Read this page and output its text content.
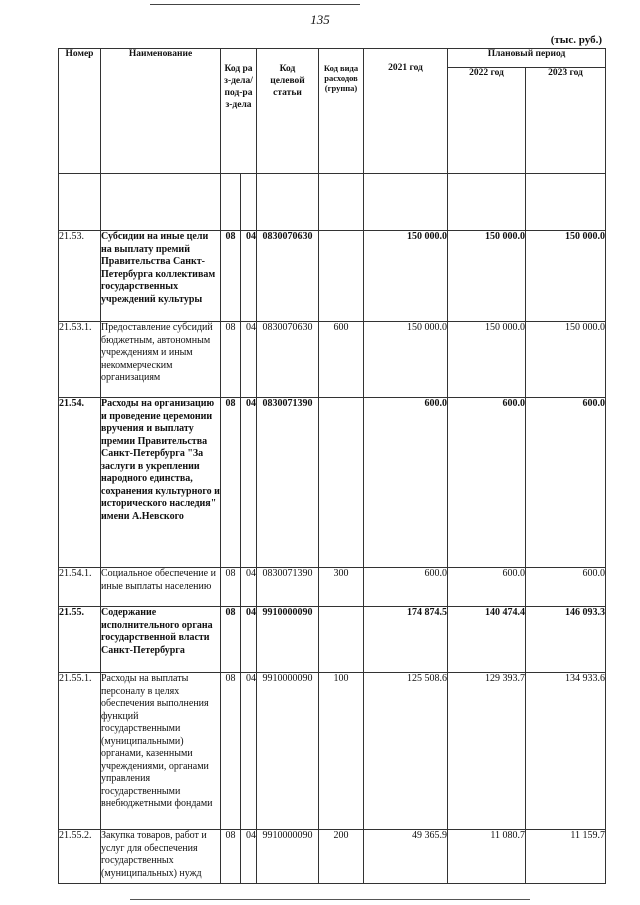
135
(тыс. руб.)
Номер	Наименование	Код раз-дела/ под-раз-дела		Код целевой статьи	Код вида расходов (группа)	2021 год	Плановый период	
							2022 год	2023 год

21.53.	Субсидии на иные цели на выплату премий Правительства Санкт-Петербурга коллективам государственных учреждений культуры	08	04	0830070630		150 000.0	150 000.0	150 000.0
21.53.1.	Предоставление субсидий бюджетным, автономным учреждениям и иным некоммерческим организациям	08	04	0830070630	600	150 000.0	150 000.0	150 000.0
21.54.	Расходы на организацию и проведение церемонии вручения и выплату премии Правительства Санкт-Петербурга "За заслуги в укреплении народного единства, сохранения культурного и исторического наследия" имени А.Невского	08	04	0830071390		600.0	600.0	600.0
21.54.1.	Социальное обеспечение и иные выплаты населению	08	04	0830071390	300	600.0	600.0	600.0
21.55.	Содержание исполнительного органа государственной власти Санкт-Петербурга	08	04	9910000090		174 874.5	140 474.4	146 093.3
21.55.1.	Расходы на выплаты персоналу в целях обеспечения выполнения функций государственными (муниципальными) органами, казенными учреждениями, органами управления государственными внебюджетными фондами	08	04	9910000090	100	125 508.6	129 393.7	134 933.6
21.55.2.	Закупка товаров, работ и услуг для обеспечения государственных (муниципальных) нужд	08	04	9910000090	200	49 365.9	11 080.7	11 159.7
